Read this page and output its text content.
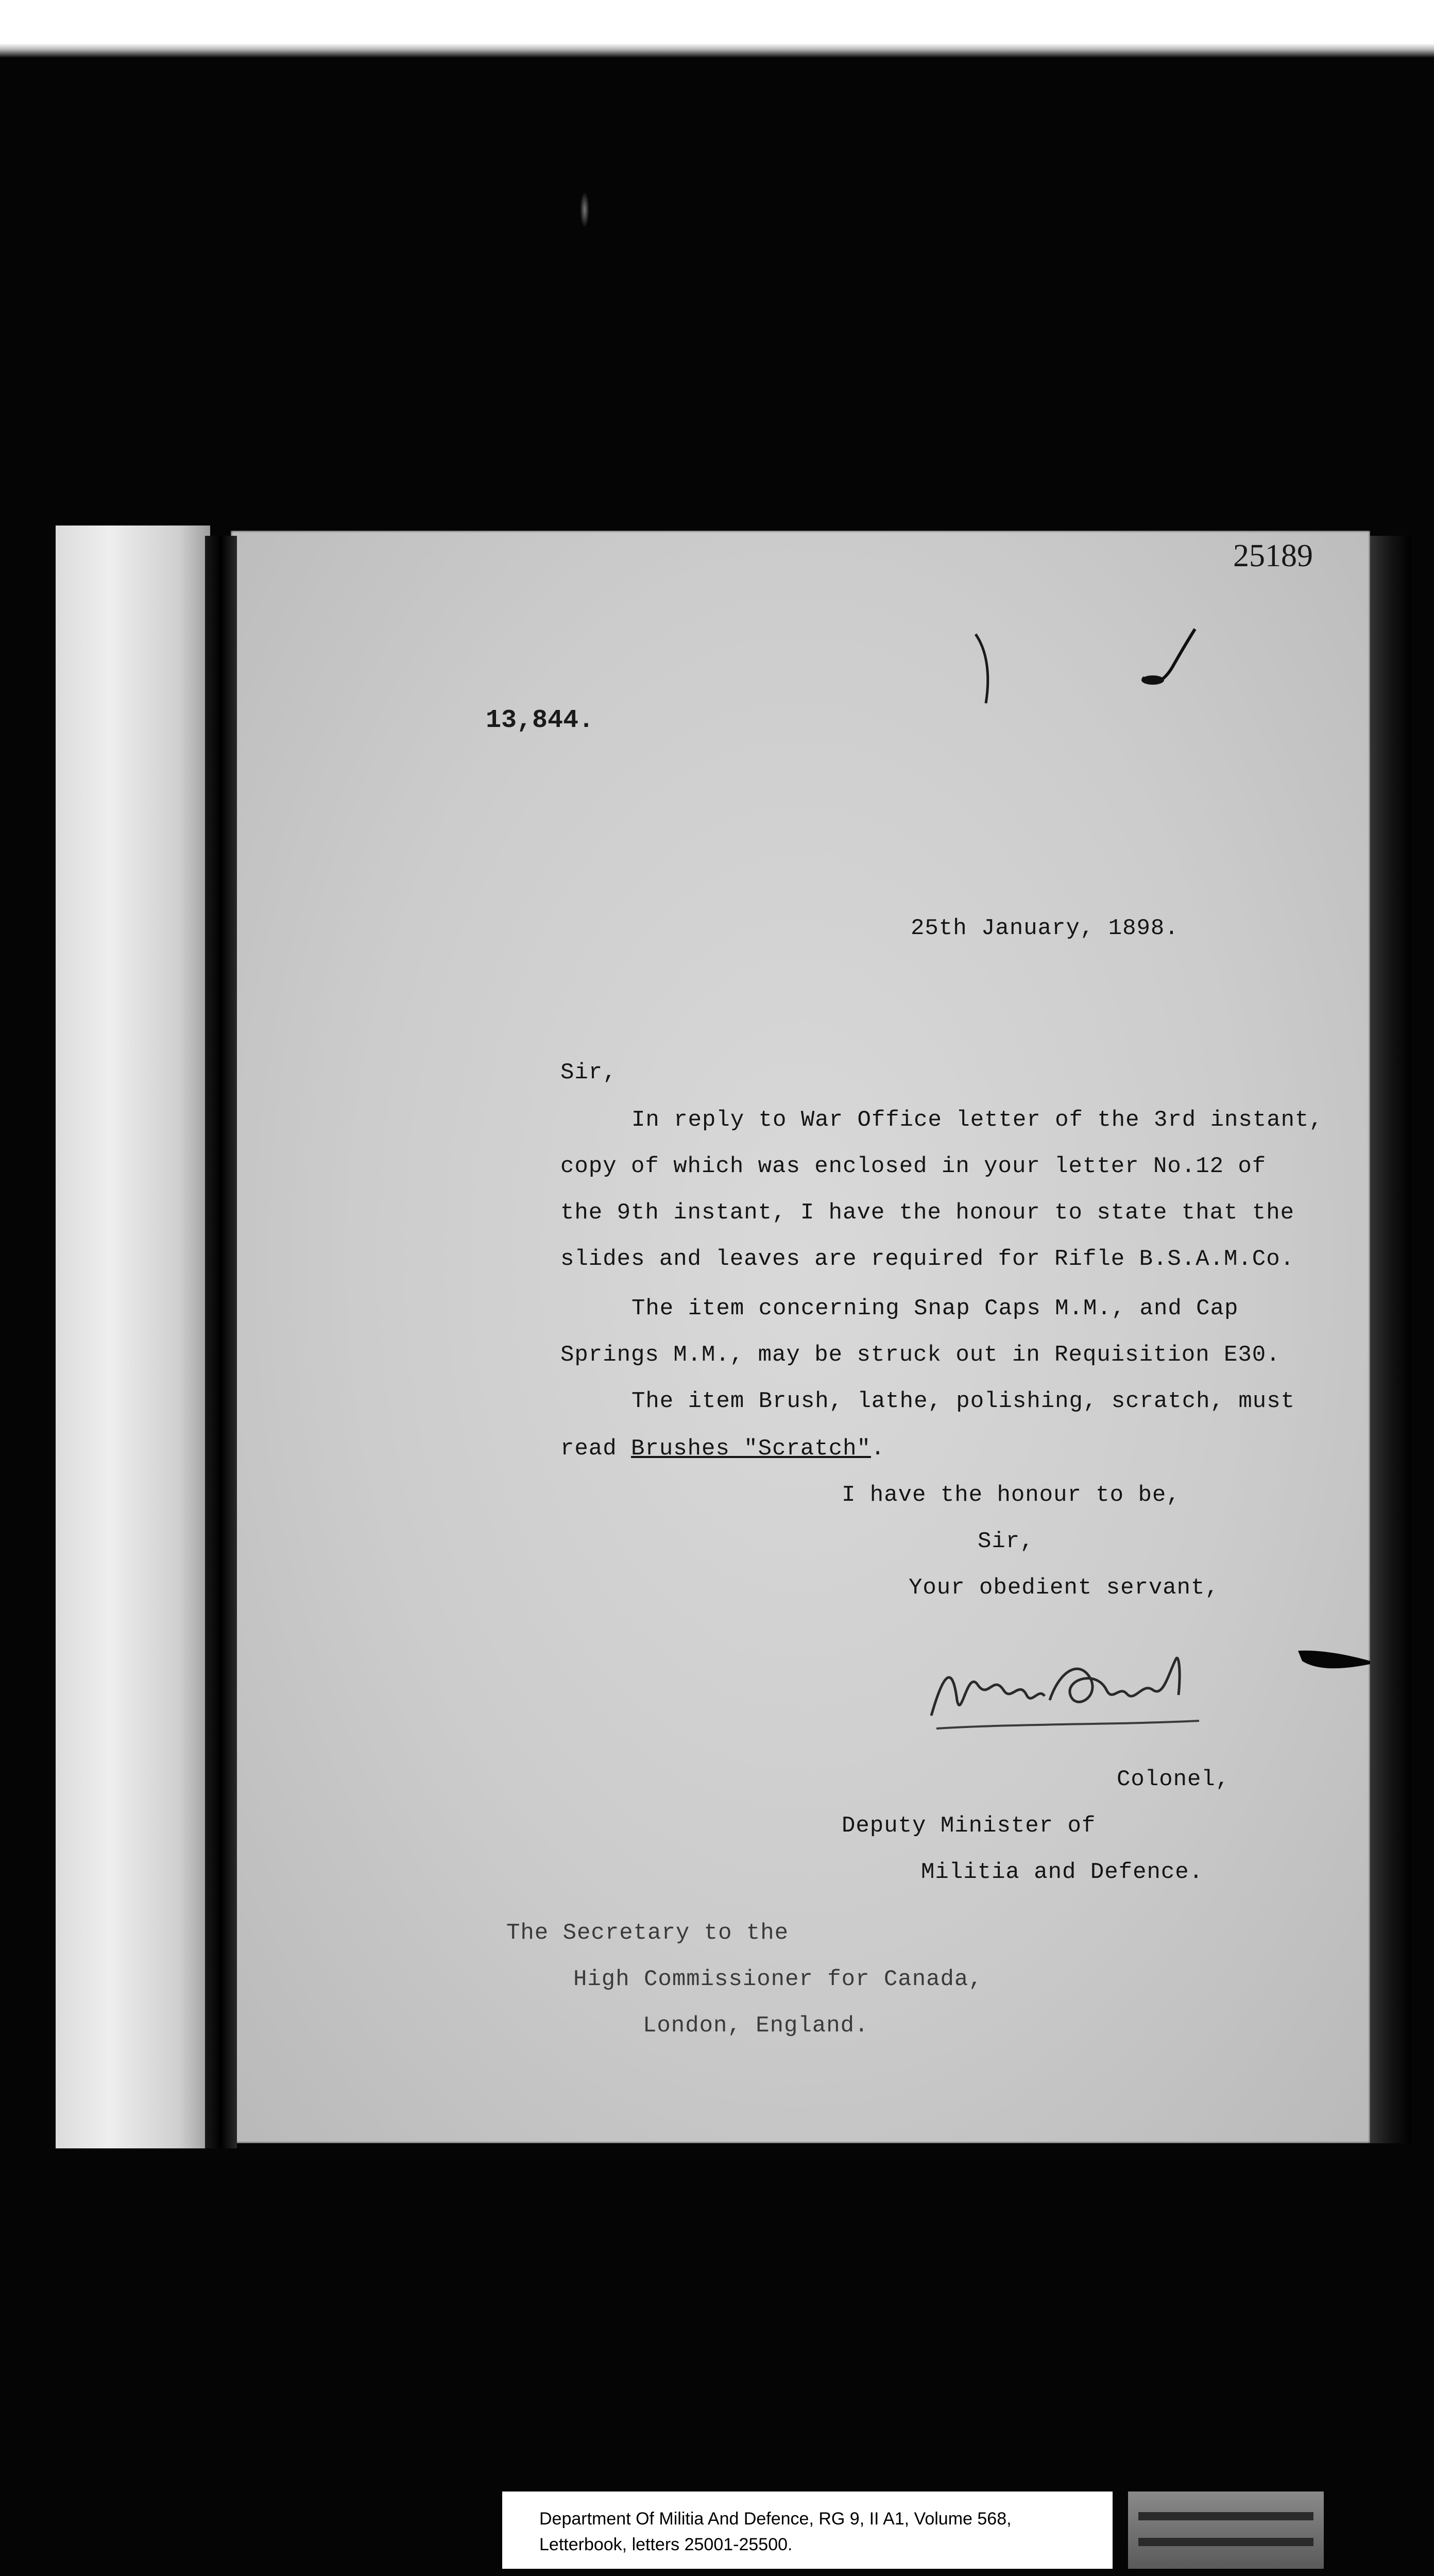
25189
13,844.
25th January, 1898.
Sir,
In reply to War Office letter of the 3rd instant,
copy of which was enclosed in your letter No.12 of
the 9th instant, I have the honour to state that the
slides and leaves are required for Rifle B.S.A.M.Co.
The item concerning Snap Caps M.M., and Cap
Springs M.M., may be struck out in Requisition E30.
The item Brush, lathe, polishing, scratch, must
read Brushes "Scratch".
I have the honour to be,
Sir,
Your obedient servant,
Colonel,
Deputy Minister of
Militia and Defence.
The Secretary to the
High Commissioner for Canada,
London, England.
Department Of Militia And Defence, RG 9, II A1, Volume 568,
Letterbook, letters 25001-25500.
